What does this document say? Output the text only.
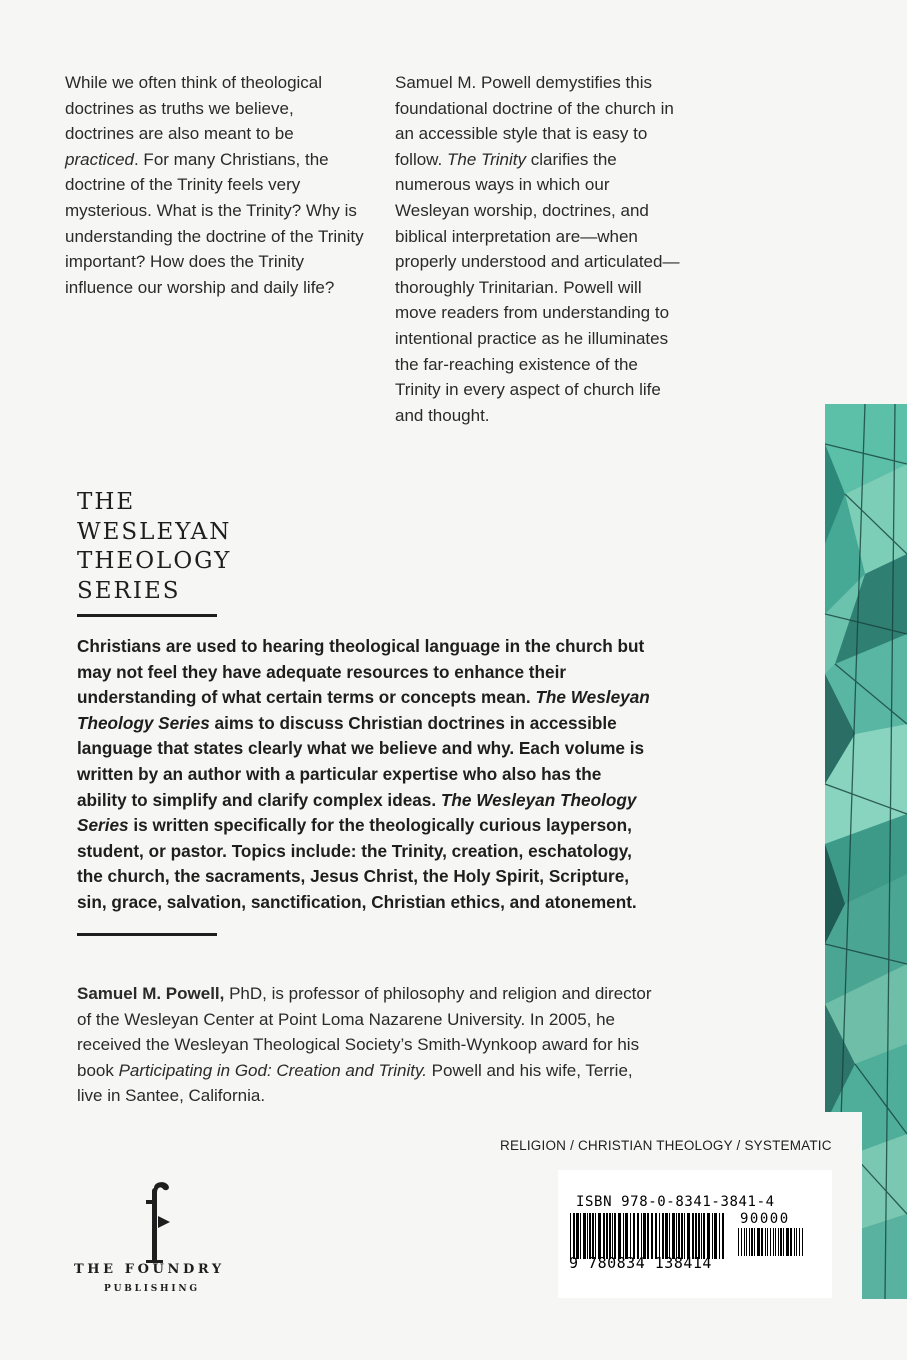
While we often think of theological doctrines as truths we believe, doctrines are also meant to be practiced. For many Christians, the doctrine of the Trinity feels very mysterious. What is the Trinity? Why is understanding the doctrine of the Trinity important? How does the Trinity influence our worship and daily life?
Samuel M. Powell demystifies this foundational doctrine of the church in an accessible style that is easy to follow. The Trinity clarifies the numerous ways in which our Wesleyan worship, doctrines, and biblical interpretation are—when properly understood and articulated—thoroughly Trinitarian. Powell will move readers from understanding to intentional practice as he illuminates the far-reaching existence of the Trinity in every aspect of church life and thought.
THE
WESLEYAN
THEOLOGY
SERIES
Christians are used to hearing theological language in the church but may not feel they have adequate resources to enhance their understanding of what certain terms or concepts mean. The Wesleyan Theology Series aims to discuss Christian doctrines in accessible language that states clearly what we believe and why. Each volume is written by an author with a particular expertise who also has the ability to simplify and clarify complex ideas. The Wesleyan Theology Series is written specifically for the theologically curious layperson, student, or pastor. Topics include: the Trinity, creation, eschatology, the church, the sacraments, Jesus Christ, the Holy Spirit, Scripture, sin, grace, salvation, sanctification, Christian ethics, and atonement.
Samuel M. Powell, PhD, is professor of philosophy and religion and director of the Wesleyan Center at Point Loma Nazarene University. In 2005, he received the Wesleyan Theological Society’s Smith-Wynkoop award for his book Participating in God: Creation and Trinity. Powell and his wife, Terrie, live in Santee, California.
RELIGION / CHRISTIAN THEOLOGY / SYSTEMATIC
ISBN 978-0-8341-3841-4
90000
9 780834 138414
THE FOUNDRY
PUBLISHING
